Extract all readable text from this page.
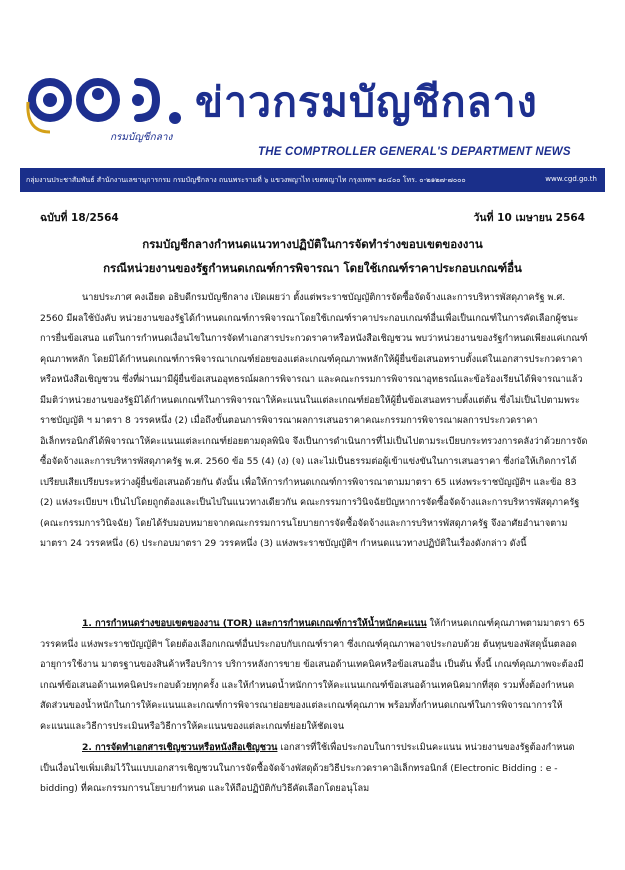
กรมบัญชีกลาง
ข่าวกรมบัญชีกลาง
THE COMPTROLLER GENERAL'S DEPARTMENT NEWS
กลุ่มงานประชาสัมพันธ์ สำนักงานเลขานุการกรม กรมบัญชีกลาง ถนนพระรามที่ ๖ แขวงพญาไท เขตพญาไท กรุงเทพฯ ๑๐๔๐๐ โทร. ๐-๒๑๒๗-๗๐๐๐	www.cgd.go.th
ฉบับที่ 18/2564	วันที่ 10 เมษายน 2564
กรมบัญชีกลางกำหนดแนวทางปฏิบัติในการจัดทำร่างขอบเขตของงาน
กรณีหน่วยงานของรัฐกำหนดเกณฑ์การพิจารณา โดยใช้เกณฑ์ราคาประกอบเกณฑ์อื่น

นายประภาศ คงเอียด อธิบดีกรมบัญชีกลาง เปิดเผยว่า ตั้งแต่พระราชบัญญัติการจัดซื้อจัดจ้างและการบริหารพัสดุภาครัฐ พ.ศ. 2560 มีผลใช้บังคับ หน่วยงานของรัฐได้กำหนดเกณฑ์การพิจารณาโดยใช้เกณฑ์ราคาประกอบเกณฑ์อื่นเพื่อเป็นเกณฑ์ในการคัดเลือกผู้ชนะการยื่นข้อเสนอ แต่ในการกำหนดเงื่อนไขในการจัดทำเอกสารประกวดราคาหรือหนังสือเชิญชวน พบว่าหน่วยงานของรัฐกำหนดเพียงแค่เกณฑ์คุณภาพหลัก โดยมิได้กำหนดเกณฑ์การพิจารณาเกณฑ์ย่อยของแต่ละเกณฑ์คุณภาพหลักให้ผู้ยื่นข้อเสนอทราบตั้งแต่ในเอกสารประกวดราคาหรือหนังสือเชิญชวน ซึ่งที่ผ่านมามีผู้ยื่นข้อเสนออุทธรณ์ผลการพิจารณา และคณะกรรมการพิจารณาอุทธรณ์และข้อร้องเรียนได้พิจารณาแล้วมีมติว่าหน่วยงานของรัฐมิได้กำหนดเกณฑ์ในการพิจารณาให้คะแนนในแต่ละเกณฑ์ย่อยให้ผู้ยื่นข้อเสนอทราบตั้งแต่ต้น ซึ่งไม่เป็นไปตามพระราชบัญญัติ ฯ มาตรา 8 วรรคหนึ่ง (2) เมื่อถึงขั้นตอนการพิจารณาผลการเสนอราคาคณะกรรมการพิจารณาผลการประกวดราคาอิเล็กทรอนิกส์ได้พิจารณาให้คะแนนแต่ละเกณฑ์ย่อยตามดุลพินิจ จึงเป็นการดำเนินการที่ไม่เป็นไปตามระเบียบกระทรวงการคลังว่าด้วยการจัดซื้อจัดจ้างและการบริหารพัสดุภาครัฐ พ.ศ. 2560 ข้อ 55 (4) (ง) (จ) และไม่เป็นธรรมต่อผู้เข้าแข่งขันในการเสนอราคา ซึ่งก่อให้เกิดการได้เปรียบเสียเปรียบระหว่างผู้ยื่นข้อเสนอด้วยกัน ดังนั้น เพื่อให้การกำหนดเกณฑ์การพิจารณาตามมาตรา 65 แห่งพระราชบัญญัติฯ และข้อ 83 (2) แห่งระเบียบฯ เป็นไปโดยถูกต้องและเป็นไปในแนวทางเดียวกัน คณะกรรมการวินิจฉัยปัญหาการจัดซื้อจัดจ้างและการบริหารพัสดุภาครัฐ (คณะกรรมการวินิจฉัย) โดยได้รับมอบหมายจากคณะกรรมการนโยบายการจัดซื้อจัดจ้างและการบริหารพัสดุภาครัฐ จึงอาศัยอำนาจตามมาตรา 24 วรรคหนึ่ง (6) ประกอบมาตรา 29 วรรคหนึ่ง (3) แห่งพระราชบัญญัติฯ กำหนดแนวทางปฏิบัติในเรื่องดังกล่าว ดังนี้

1. การกำหนดร่างขอบเขตของงาน (TOR) และการกำหนดเกณฑ์การให้น้ำหนักคะแนน ให้กำหนดเกณฑ์คุณภาพตามมาตรา 65 วรรคหนึ่ง แห่งพระราชบัญญัติฯ โดยต้องเลือกเกณฑ์อื่นประกอบกับเกณฑ์ราคา ซึ่งเกณฑ์คุณภาพอาจประกอบด้วย ต้นทุนของพัสดุนั้นตลอดอายุการใช้งาน มาตรฐานของสินค้าหรือบริการ บริการหลังการขาย ข้อเสนอด้านเทคนิคหรือข้อเสนออื่น เป็นต้น ทั้งนี้ เกณฑ์คุณภาพจะต้องมีเกณฑ์ข้อเสนอด้านเทคนิคประกอบด้วยทุกครั้ง และให้กำหนดน้ำหนักการให้คะแนนเกณฑ์ข้อเสนอด้านเทคนิคมากที่สุด รวมทั้งต้องกำหนดสัดส่วนของน้ำหนักในการให้คะแนนและเกณฑ์การพิจารณาย่อยของแต่ละเกณฑ์คุณภาพ พร้อมทั้งกำหนดเกณฑ์ในการพิจารณาการให้คะแนนและวิธีการประเมินหรือวิธีการให้คะแนนของแต่ละเกณฑ์ย่อยให้ชัดเจน

2. การจัดทำเอกสารเชิญชวนหรือหนังสือเชิญชวน เอกสารที่ใช้เพื่อประกอบในการประเมินคะแนน หน่วยงานของรัฐต้องกำหนดเป็นเงื่อนไขเพิ่มเติมไว้ในแบบเอกสารเชิญชวนในการจัดซื้อจัดจ้างพัสดุด้วยวิธีประกวดราคาอิเล็กทรอนิกส์ (Electronic Bidding : e - bidding) ที่คณะกรรมการนโยบายกำหนด และให้ถือปฏิบัติกับวิธีคัดเลือกโดยอนุโลม
